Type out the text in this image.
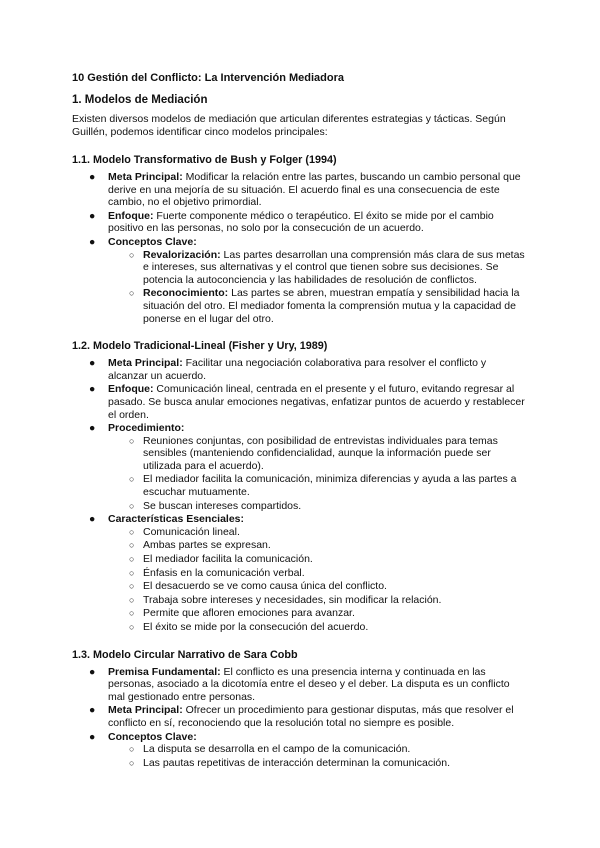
10 Gestión del Conflicto: La Intervención Mediadora

1. Modelos de Mediación

Existen diversos modelos de mediación que articulan diferentes estrategias y tácticas. Según Guillén, podemos identificar cinco modelos principales:

1.1. Modelo Transformativo de Bush y Folger (1994)

● Meta Principal: Modificar la relación entre las partes, buscando un cambio personal que derive en una mejoría de su situación. El acuerdo final es una consecuencia de este cambio, no el objetivo primordial.
● Enfoque: Fuerte componente médico o terapéutico. El éxito se mide por el cambio positivo en las personas, no solo por la consecución de un acuerdo.
● Conceptos Clave:
○ Revalorización: Las partes desarrollan una comprensión más clara de sus metas e intereses, sus alternativas y el control que tienen sobre sus decisiones. Se potencia la autoconciencia y las habilidades de resolución de conflictos.
○ Reconocimiento: Las partes se abren, muestran empatía y sensibilidad hacia la situación del otro. El mediador fomenta la comprensión mutua y la capacidad de ponerse en el lugar del otro.

1.2. Modelo Tradicional-Lineal (Fisher y Ury, 1989)

● Meta Principal: Facilitar una negociación colaborativa para resolver el conflicto y alcanzar un acuerdo.
● Enfoque: Comunicación lineal, centrada en el presente y el futuro, evitando regresar al pasado. Se busca anular emociones negativas, enfatizar puntos de acuerdo y restablecer el orden.
● Procedimiento:
○ Reuniones conjuntas, con posibilidad de entrevistas individuales para temas sensibles (manteniendo confidencialidad, aunque la información puede ser utilizada para el acuerdo).
○ El mediador facilita la comunicación, minimiza diferencias y ayuda a las partes a escuchar mutuamente.
○ Se buscan intereses compartidos.
● Características Esenciales:
○ Comunicación lineal.
○ Ambas partes se expresan.
○ El mediador facilita la comunicación.
○ Énfasis en la comunicación verbal.
○ El desacuerdo se ve como causa única del conflicto.
○ Trabaja sobre intereses y necesidades, sin modificar la relación.
○ Permite que afloren emociones para avanzar.
○ El éxito se mide por la consecución del acuerdo.

1.3. Modelo Circular Narrativo de Sara Cobb

● Premisa Fundamental: El conflicto es una presencia interna y continuada en las personas, asociado a la dicotomía entre el deseo y el deber. La disputa es un conflicto mal gestionado entre personas.
● Meta Principal: Ofrecer un procedimiento para gestionar disputas, más que resolver el conflicto en sí, reconociendo que la resolución total no siempre es posible.
● Conceptos Clave:
○ La disputa se desarrolla en el campo de la comunicación.
○ Las pautas repetitivas de interacción determinan la comunicación.
